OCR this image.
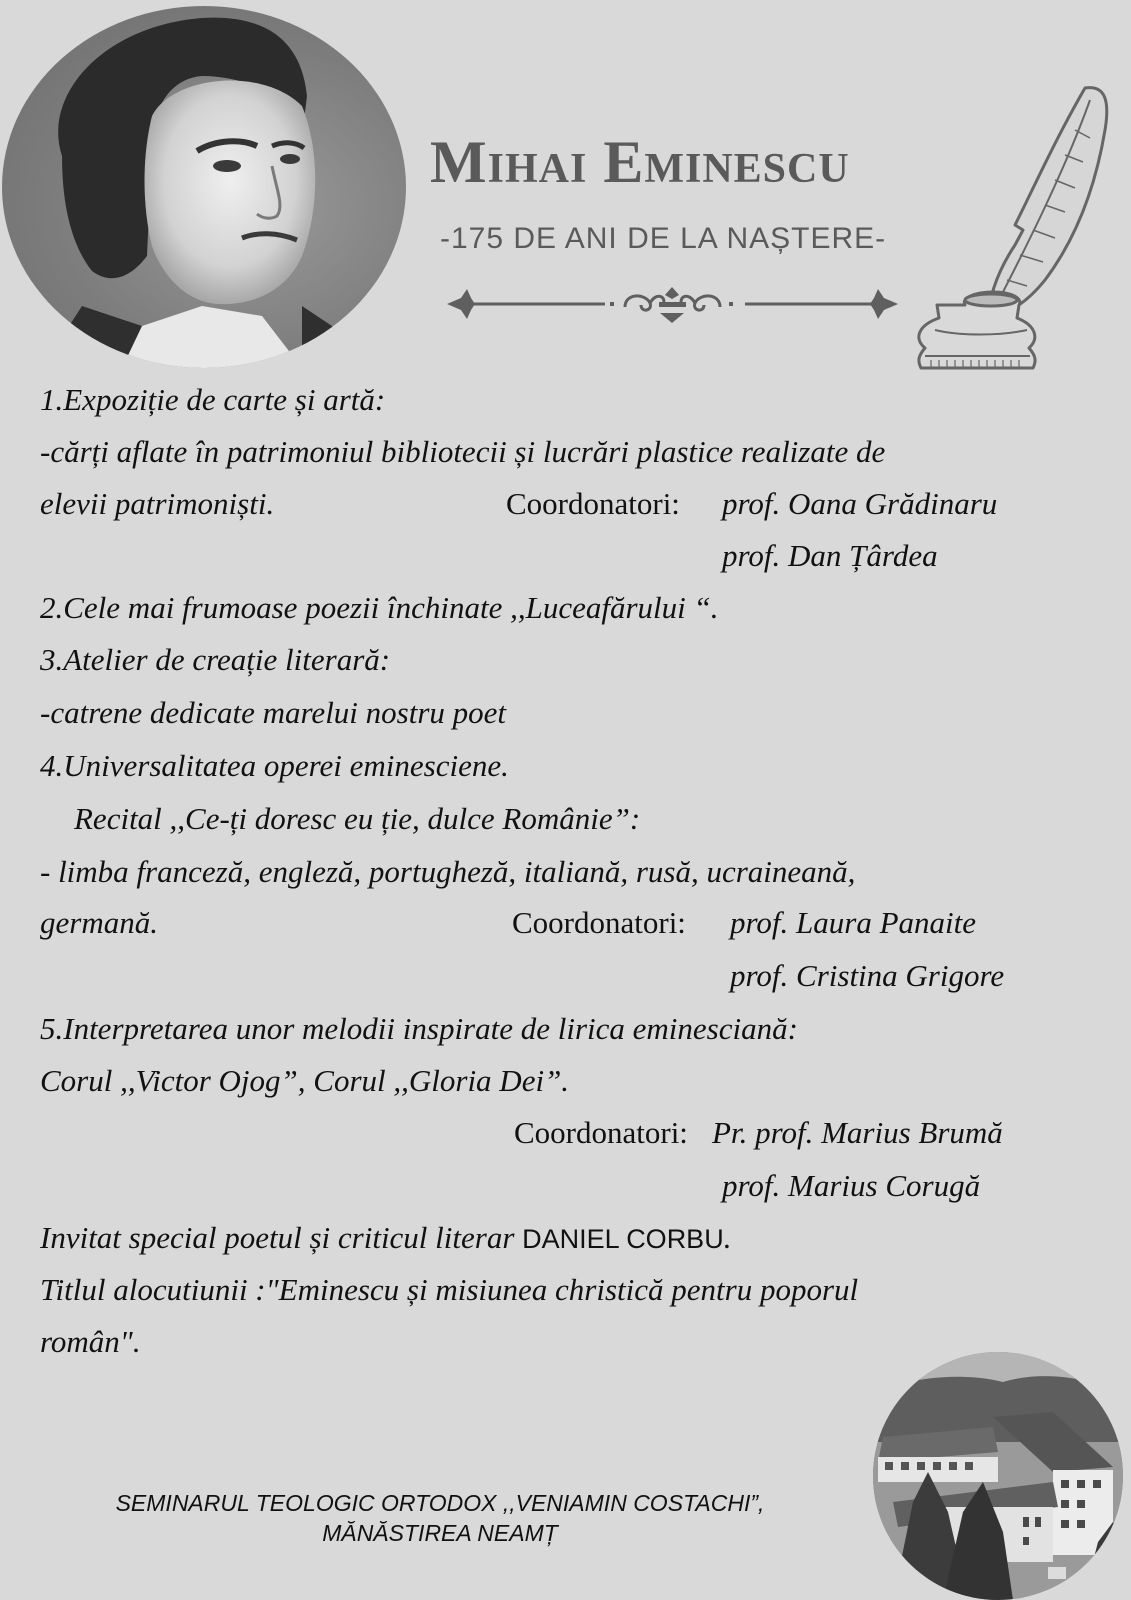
Mihai Eminescu
-175 DE ANI DE LA NAȘTERE-
1.Expoziție de carte și artă:
-cărți aflate în patrimoniul bibliotecii și lucrări plastice realizate de
elevii patrimoniști.	Coordonatori: prof. Oana Grădinaru
prof. Dan Țârdea
2.Cele mai frumoase poezii închinate ,,Luceafărului “.
3.Atelier de creație literară:
-catrene dedicate marelui nostru poet
4.Universalitatea operei eminesciene.
Recital ,,Ce-ți doresc eu ție, dulce Românie”:
- limba franceză, engleză, portugheză, italiană, rusă, ucraineană,
germană.	Coordonatori: prof. Laura Panaite
prof. Cristina Grigore
5.Interpretarea unor melodii inspirate de lirica eminesciană:
Corul ,,Victor Ojog”, Corul ,,Gloria Dei”.
Coordonatori: Pr. prof. Marius Brumă
prof. Marius Corugă
Invitat special poetul și criticul literar DANIEL CORBU.
Titlul alocutiunii :"Eminescu și misiunea christică pentru poporul
român".
SEMINARUL TEOLOGIC ORTODOX ,,VENIAMIN COSTACHI”,
MĂNĂSTIREA NEAMȚ
